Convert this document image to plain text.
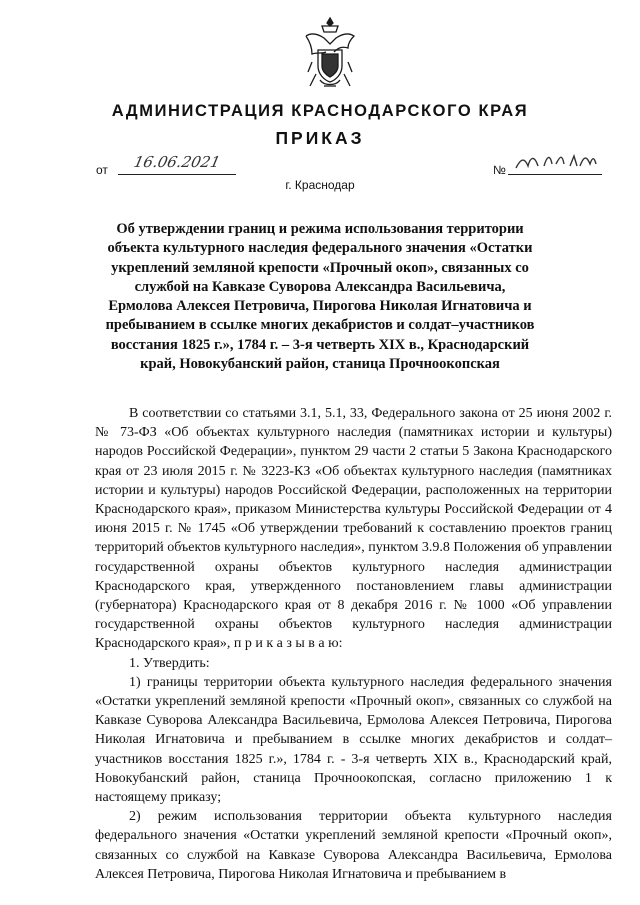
АДМИНИСТРАЦИЯ КРАСНОДАРСКОГО КРАЯ
ПРИКАЗ
от	16.06.2021	№
г. Краснодар
Об утверждении границ и режима использования территории объекта культурного наследия федерального значения «Остатки укреплений земляной крепости «Прочный окоп», связанных со службой на Кавказе Суворова Александра Васильевича, Ермолова Алексея Петровича, Пирогова Николая Игнатовича и пребыванием в ссылке многих декабристов и солдат–участников восстания 1825 г.», 1784 г. – 3-я четверть XIX в., Краснодарский край, Новокубанский район, станица Прочноокопская

В соответствии со статьями 3.1, 5.1, 33, Федерального закона от 25 июня 2002 г. № 73-ФЗ «Об объектах культурного наследия (памятниках истории и культуры) народов Российской Федерации», пунктом 29 части 2 статьи 5 Закона Краснодарского края от 23 июля 2015 г. № 3223-КЗ «Об объектах культурного наследия (памятниках истории и культуры) народов Российской Федерации, расположенных на территории Краснодарского края», приказом Министерства культуры Российской Федерации от 4 июня 2015 г. № 1745 «Об утверждении требований к составлению проектов границ территорий объектов культурного наследия», пунктом 3.9.8 Положения об управлении государственной охраны объектов культурного наследия администрации Краснодарского края, утвержденного постановлением главы администрации (губернатора) Краснодарского края от 8 декабря 2016 г. № 1000 «Об управлении государственной охраны объектов культурного наследия администрации Краснодарского края», п р и к а з ы в а ю:

1. Утвердить:

1) границы территории объекта культурного наследия федерального значения «Остатки укреплений земляной крепости «Прочный окоп», связанных со службой на Кавказе Суворова Александра Васильевича, Ермолова Алексея Петровича, Пирогова Николая Игнатовича и пребыванием в ссылке многих декабристов и солдат–участников восстания 1825 г.», 1784 г. - 3-я четверть XIX в., Краснодарский край, Новокубанский район, станица Прочноокопская, согласно приложению 1 к настоящему приказу;

2) режим использования территории объекта культурного наследия федерального значения «Остатки укреплений земляной крепости «Прочный окоп», связанных со службой на Кавказе Суворова Александра Васильевича, Ермолова Алексея Петровича, Пирогова Николая Игнатовича и пребыванием в
